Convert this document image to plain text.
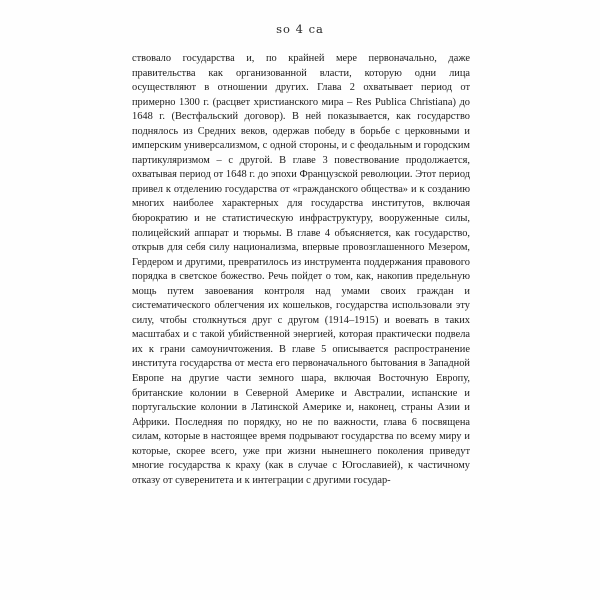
so 4 ca

ствовало государства и, по крайней мере первоначально, даже правительства как организованной власти, которую одни лица осуществляют в отношении других. Глава 2 охватывает период от примерно 1300 г. (расцвет христианского мира – Res Publica Christiana) до 1648 г. (Вестфальский договор). В ней показывается, как государство поднялось из Средних веков, одержав победу в борьбе с церковными и имперским универсализмом, с одной стороны, и с феодальным и городским партикуляризмом – с другой. В главе 3 повествование продолжается, охватывая период от 1648 г. до эпохи Французской революции. Этот период привел к отделению государства от «гражданского общества» и к созданию многих наиболее характерных для государства институтов, включая бюрократию и не статистическую инфраструктуру, вооруженные силы, полицейский аппарат и тюрьмы. В главе 4 объясняется, как государство, открыв для себя силу национализма, впервые провозглашенного Мезером, Гердером и другими, превратилось из инструмента поддержания правового порядка в светское божество. Речь пойдет о том, как, накопив предельную мощь путем завоевания контроля над умами своих граждан и систематического облегчения их кошельков, государства использовали эту силу, чтобы столкнуться друг с другом (1914–1915) и воевать в таких масштабах и с такой убийственной энергией, которая практически подвела их к грани самоуничтожения. В главе 5 описывается распространение института государства от места его первоначального бытования в Западной Европе на другие части земного шара, включая Восточную Европу, британские колонии в Северной Америке и Австралии, испанские и португальские колонии в Латинской Америке и, наконец, страны Азии и Африки. Последняя по порядку, но не по важности, глава 6 посвящена силам, которые в настоящее время подрывают государства по всему миру и которые, скорее всего, уже при жизни нынешнего поколения приведут многие государства к краху (как в случае с Югославией), к частичному отказу от суверенитета и к интеграции с другими государ-
